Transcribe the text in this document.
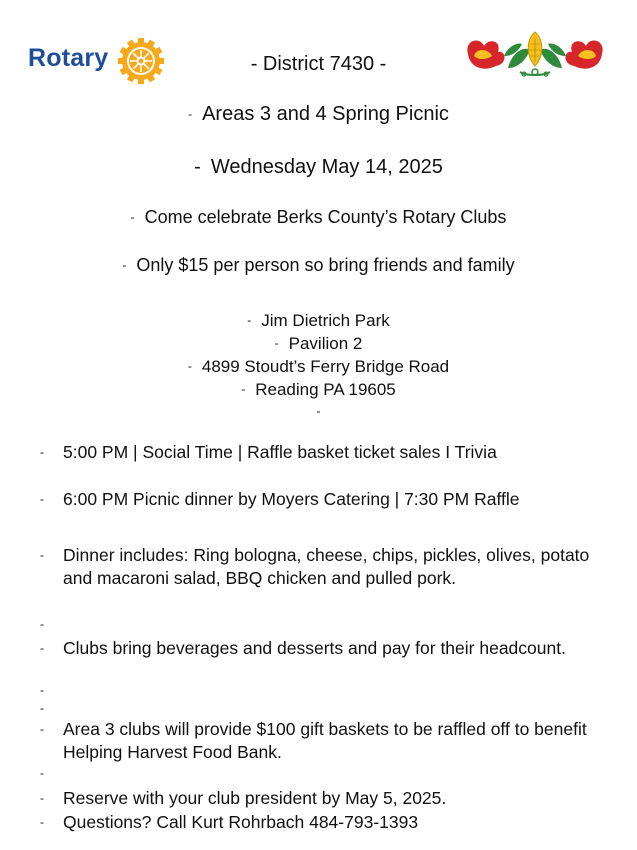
Rotary	- District 7430 -
- Areas 3 and 4 Spring Picnic
- Wednesday May 14, 2025
- Come celebrate Berks County’s Rotary Clubs
- Only $15 per person so bring friends and family
- Jim Dietrich Park
- Pavilion 2
- 4899 Stoudt’s Ferry Bridge Road
- Reading PA 19605
-
- 5:00 PM | Social Time | Raffle basket ticket sales I Trivia
- 6:00 PM Picnic dinner by Moyers Catering | 7:30 PM Raffle
- Dinner includes: Ring bologna, cheese, chips, pickles, olives, potato and macaroni salad, BBQ chicken and pulled pork.
-
- Clubs bring beverages and desserts and pay for their headcount.
-
-
- Area 3 clubs will provide $100 gift baskets to be raffled off to benefit Helping Harvest Food Bank.
-
- Reserve with your club president by May 5, 2025.
- Questions? Call Kurt Rohrbach 484-793-1393
